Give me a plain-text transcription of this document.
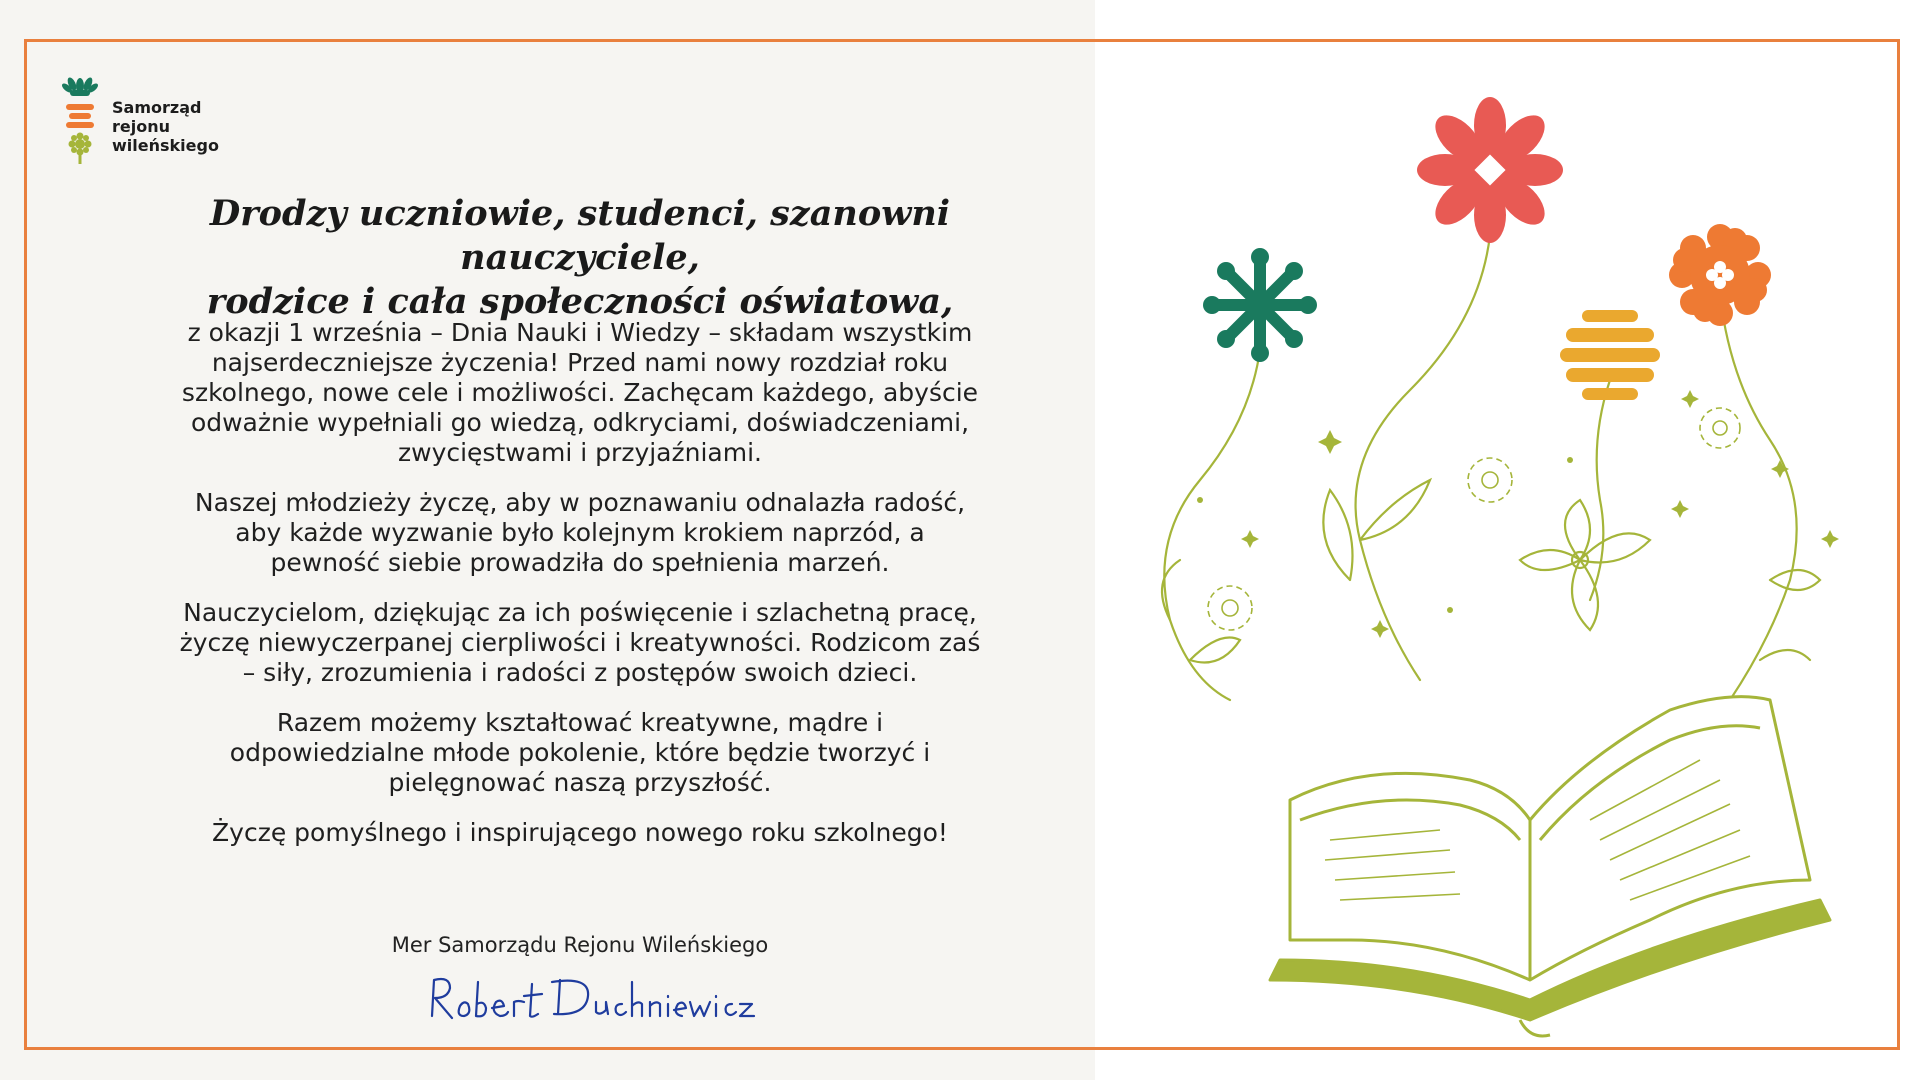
Samorząd
rejonu
wileńskiego
Drodzy uczniowie, studenci, szanowni nauczyciele,
rodzice i cała społeczności oświatowa,

z okazji 1 września – Dnia Nauki i Wiedzy – składam wszystkim
najserdeczniejsze życzenia! Przed nami nowy rozdział roku
szkolnego, nowe cele i możliwości. Zachęcam każdego, abyście
odważnie wypełniali go wiedzą, odkryciami, doświadczeniami,
zwycięstwami i przyjaźniami.

Naszej młodzieży życzę, aby w poznawaniu odnalazła radość,
aby każde wyzwanie było kolejnym krokiem naprzód, a
pewność siebie prowadziła do spełnienia marzeń.

Nauczycielom, dziękując za ich poświęcenie i szlachetną pracę,
życzę niewyczerpanej cierpliwości i kreatywności. Rodzicom zaś
– siły, zrozumienia i radości z postępów swoich dzieci.

Razem możemy kształtować kreatywne, mądre i
odpowiedzialne młode pokolenie, które będzie tworzyć i
pielęgnować naszą przyszłość.

Życzę pomyślnego i inspirującego nowego roku szkolnego!

Mer Samorządu Rejonu Wileńskiego
